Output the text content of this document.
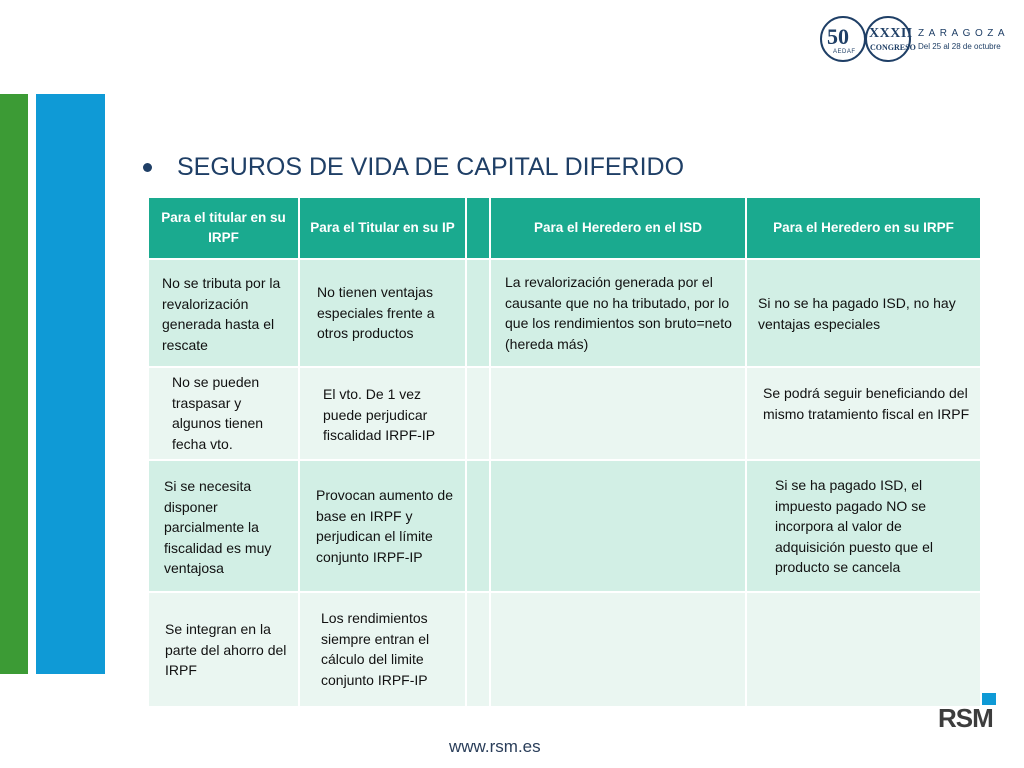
50
AEDAF
XXXII
CONGRESO
ZARAGOZA
Del 25 al 28 de octubre
SEGUROS DE VIDA DE CAPITAL DIFERIDO
Para el titular en su IRPF
Para el Titular en su IP	Para el Heredero en el ISD	Para el Heredero en su IRPF
No se tributa por la revalorización generada hasta el rescate
No tienen ventajas especiales frente a otros productos
La revalorización generada por el causante que no ha tributado, por lo que los rendimientos son bruto=neto (hereda más)
Si no se ha pagado ISD, no hay ventajas especiales
No se pueden traspasar y algunos tienen fecha vto.
El vto. De 1 vez puede perjudicar fiscalidad IRPF-IP
Se podrá seguir beneficiando del mismo tratamiento fiscal en IRPF
Si se necesita disponer parcialmente la fiscalidad es muy ventajosa
Provocan aumento de base en IRPF y perjudican el límite conjunto IRPF-IP
Si se ha pagado ISD, el impuesto pagado NO se incorpora al valor de adquisición puesto que el producto se cancela
Se integran en la parte del ahorro del IRPF
Los rendimientos siempre entran el cálculo del limite conjunto IRPF-IP
www.rsm.es
RSM
